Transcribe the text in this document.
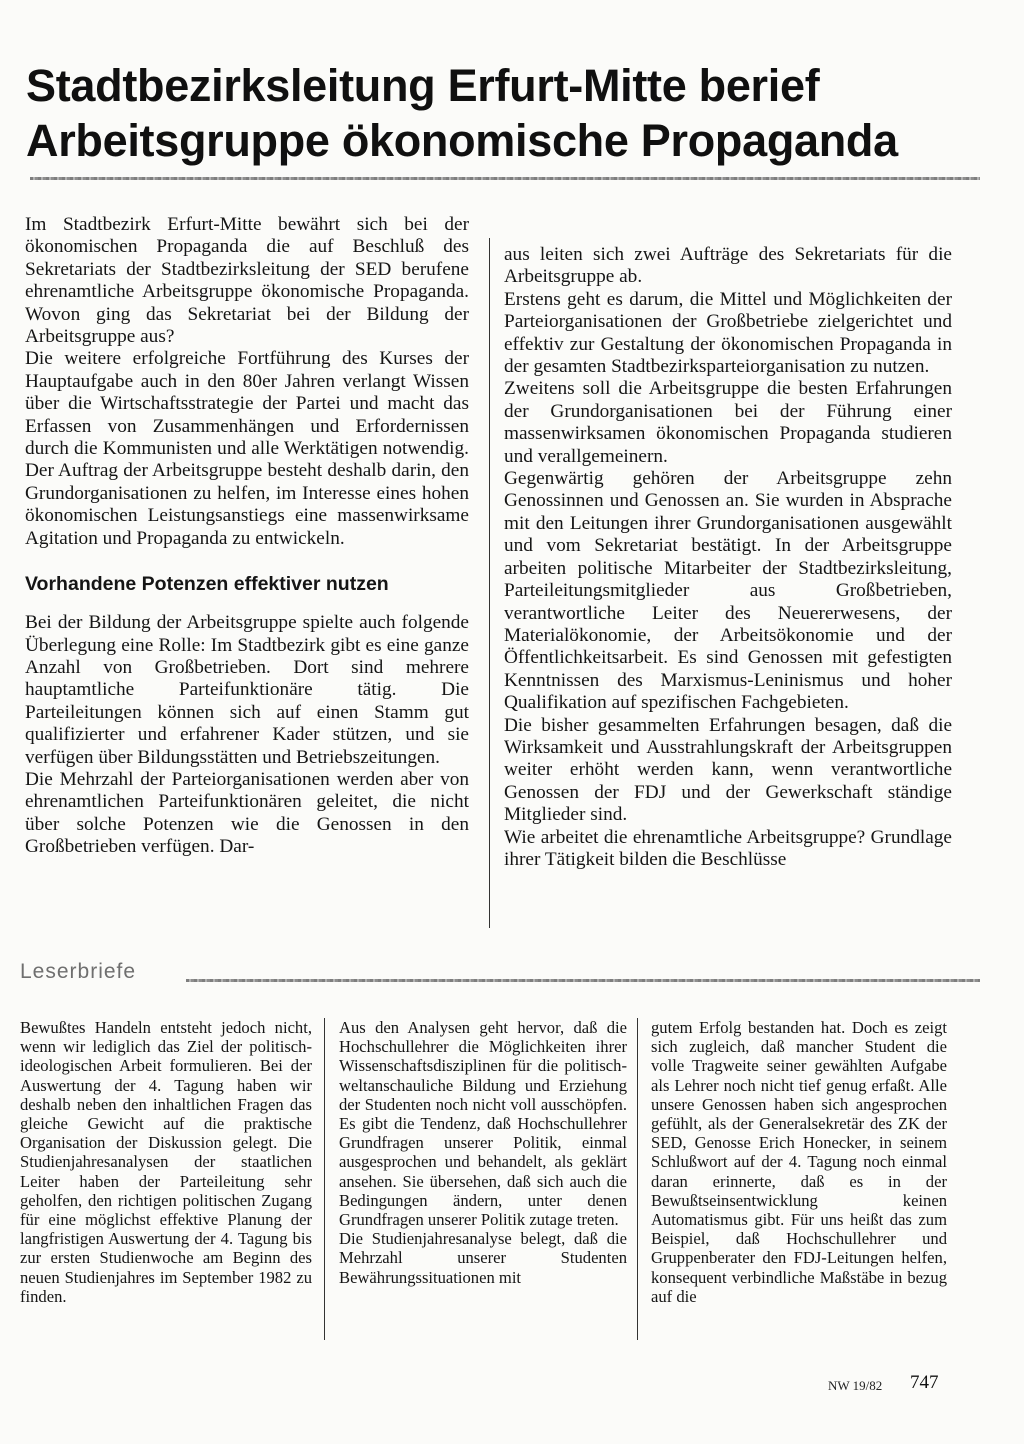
Stadtbezirksleitung Erfurt-Mitte berief
Arbeitsgruppe ökonomische Propaganda

Im Stadtbezirk Erfurt-Mitte bewährt sich bei der ökonomischen Propaganda die auf Beschluß des Sekretariats der Stadtbezirksleitung der SED berufene ehrenamtliche Arbeitsgruppe ökonomische Propaganda. Wovon ging das Sekretariat bei der Bildung der Arbeitsgruppe aus?

Die weitere erfolgreiche Fortführung des Kurses der Hauptaufgabe auch in den 80er Jahren verlangt Wissen über die Wirtschaftsstrategie der Partei und macht das Erfassen von Zusammenhängen und Erfordernissen durch die Kommunisten und alle Werktätigen notwendig. Der Auftrag der Arbeitsgruppe besteht deshalb darin, den Grundorganisationen zu helfen, im Interesse eines hohen ökonomischen Leistungsanstiegs eine massenwirksame Agitation und Propaganda zu entwickeln.

Vorhandene Potenzen effektiver nutzen

Bei der Bildung der Arbeitsgruppe spielte auch folgende Überlegung eine Rolle: Im Stadtbezirk gibt es eine ganze Anzahl von Großbetrieben. Dort sind mehrere hauptamtliche Parteifunktionäre tätig. Die Parteileitungen können sich auf einen Stamm gut qualifizierter und erfahrener Kader stützen, und sie verfügen über Bildungsstätten und Betriebszeitungen.

Die Mehrzahl der Parteiorganisationen werden aber von ehrenamtlichen Parteifunktionären geleitet, die nicht über solche Potenzen wie die Genossen in den Großbetrieben verfügen. Dar-

aus leiten sich zwei Aufträge des Sekretariats für die Arbeitsgruppe ab.

Erstens geht es darum, die Mittel und Möglichkeiten der Parteiorganisationen der Großbetriebe zielgerichtet und effektiv zur Gestaltung der ökonomischen Propaganda in der gesamten Stadtbezirksparteiorganisation zu nutzen.

Zweitens soll die Arbeitsgruppe die besten Erfahrungen der Grundorganisationen bei der Führung einer massenwirksamen ökonomischen Propaganda studieren und verallgemeinern.

Gegenwärtig gehören der Arbeitsgruppe zehn Genossinnen und Genossen an. Sie wurden in Absprache mit den Leitungen ihrer Grundorganisationen ausgewählt und vom Sekretariat bestätigt. In der Arbeitsgruppe arbeiten politische Mitarbeiter der Stadtbezirksleitung, Parteileitungsmitglieder aus Großbetrieben, verantwortliche Leiter des Neuererwesens, der Materialökonomie, der Arbeitsökonomie und der Öffentlichkeitsarbeit. Es sind Genossen mit gefestigten Kenntnissen des Marxismus-Leninismus und hoher Qualifikation auf spezifischen Fachgebieten.

Die bisher gesammelten Erfahrungen besagen, daß die Wirksamkeit und Ausstrahlungskraft der Arbeitsgruppen weiter erhöht werden kann, wenn verantwortliche Genossen der FDJ und der Gewerkschaft ständige Mitglieder sind.

Wie arbeitet die ehrenamtliche Arbeitsgruppe? Grundlage ihrer Tätigkeit bilden die Beschlüsse

Leserbriefe

Bewußtes Handeln entsteht jedoch nicht, wenn wir lediglich das Ziel der politisch-ideologischen Arbeit formulieren. Bei der Auswertung der 4. Tagung haben wir deshalb neben den inhaltlichen Fragen das gleiche Gewicht auf die praktische Organisation der Diskussion gelegt. Die Studienjahresanalysen der staatlichen Leiter haben der Parteileitung sehr geholfen, den richtigen politischen Zugang für eine möglichst effektive Planung der langfristigen Auswertung der 4. Tagung bis zur ersten Studienwoche am Beginn des neuen Studienjahres im September 1982 zu finden.

Aus den Analysen geht hervor, daß die Hochschullehrer die Möglichkeiten ihrer Wissenschaftsdisziplinen für die politisch-weltanschauliche Bildung und Erziehung der Studenten noch nicht voll ausschöpfen. Es gibt die Tendenz, daß Hochschullehrer Grundfragen unserer Politik, einmal ausgesprochen und behandelt, als geklärt ansehen. Sie übersehen, daß sich auch die Bedingungen ändern, unter denen Grundfragen unserer Politik zutage treten.

Die Studienjahresanalyse belegt, daß die Mehrzahl unserer Studenten Bewährungssituationen mit

gutem Erfolg bestanden hat. Doch es zeigt sich zugleich, daß mancher Student die volle Tragweite seiner gewählten Aufgabe als Lehrer noch nicht tief genug erfaßt. Alle unsere Genossen haben sich angesprochen gefühlt, als der Generalsekretär des ZK der SED, Genosse Erich Honecker, in seinem Schlußwort auf der 4. Tagung noch einmal daran erinnerte, daß es in der Bewußtseinsentwicklung keinen Automatismus gibt. Für uns heißt das zum Beispiel, daß Hochschullehrer und Gruppenberater den FDJ-Leitungen helfen, konsequent verbindliche Maßstäbe in bezug auf die

NW 19/82 747
